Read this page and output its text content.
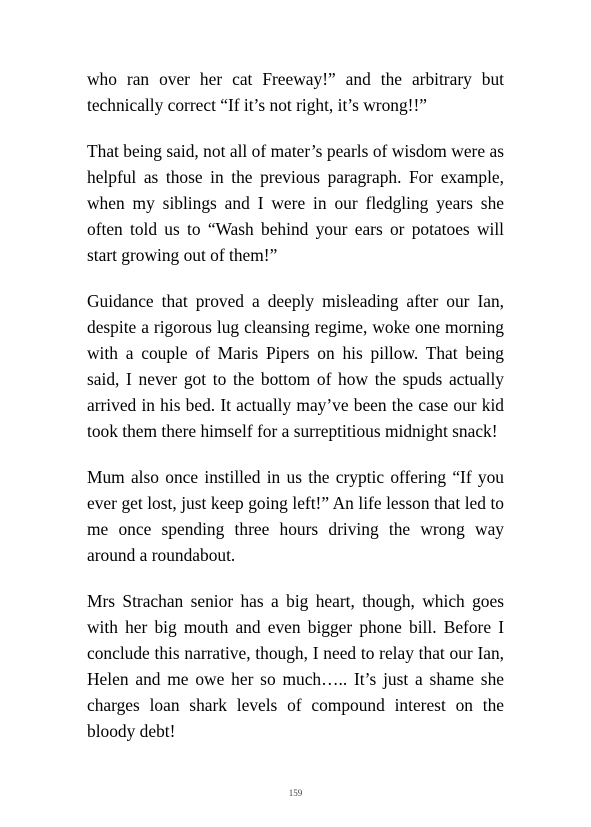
who ran over her cat Freeway!” and the arbitrary but technically correct “If it’s not right, it’s wrong!!”

That being said, not all of mater’s pearls of wisdom were as helpful as those in the previous paragraph. For example, when my siblings and I were in our fledgling years she often told us to “Wash behind your ears or potatoes will start growing out of them!”

Guidance that proved a deeply misleading after our Ian, despite a rigorous lug cleansing regime, woke one morning with a couple of Maris Pipers on his pillow. That being said, I never got to the bottom of how the spuds actually arrived in his bed. It actually may’ve been the case our kid took them there himself for a surreptitious midnight snack!

Mum also once instilled in us the cryptic offering “If you ever get lost, just keep going left!” An life lesson that led to me once spending three hours driving the wrong way around a roundabout.

Mrs Strachan senior has a big heart, though, which goes with her big mouth and even bigger phone bill. Before I conclude this narrative, though, I need to relay that our Ian, Helen and me owe her so much….. It’s just a shame she charges loan shark levels of compound interest on the bloody debt!

159
